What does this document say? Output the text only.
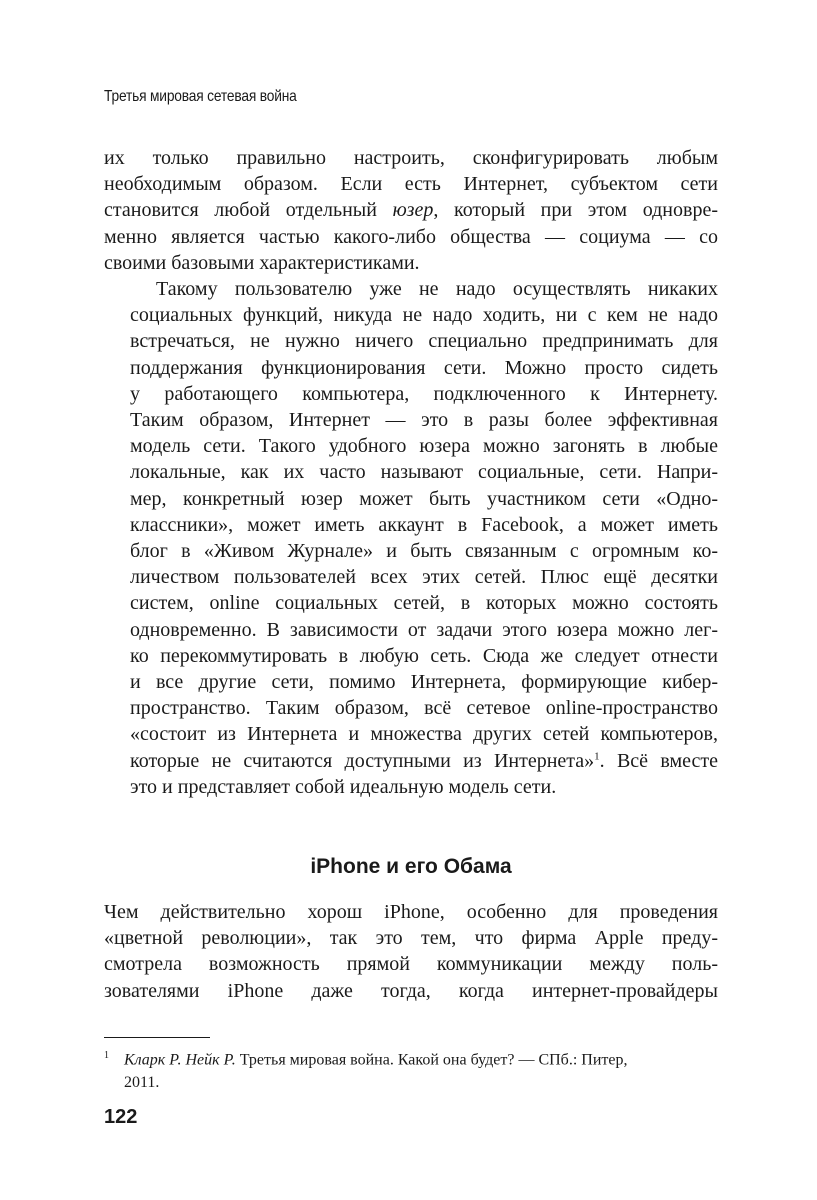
Третья мировая сетевая война

их только правильно настроить, сконфигурировать любым
необходимым образом. Если есть Интернет, субъектом сети
становится любой отдельный юзер, который при этом одновре-
менно является частью какого-либо общества — социума — со
своими базовыми характеристиками.

Такому пользователю уже не надо осуществлять никаких
социальных функций, никуда не надо ходить, ни с кем не надо
встречаться, не нужно ничего специально предпринимать для
поддержания функционирования сети. Можно просто сидеть
у работающего компьютера, подключенного к Интернету.
Таким образом, Интернет — это в разы более эффективная
модель сети. Такого удобного юзера можно загонять в любые
локальные, как их часто называют социальные, сети. Напри-
мер, конкретный юзер может быть участником сети «Одно-
классники», может иметь аккаунт в Facebook, а может иметь
блог в «Живом Журнале» и быть связанным с огромным ко-
личеством пользователей всех этих сетей. Плюс ещё десятки
систем, online социальных сетей, в которых можно состоять
одновременно. В зависимости от задачи этого юзера можно лег-
ко перекоммутировать в любую сеть. Сюда же следует отнести
и все другие сети, помимо Интернета, формирующие кибер-
пространство. Таким образом, всё сетевое online-пространство
«состоит из Интернета и множества других сетей компьютеров,
которые не считаются доступными из Интернета»$^1$. Всё вместе
это и представляет собой идеальную модель сети.

iPhone и его Обама

Чем действительно хорош iPhone, особенно для проведения
«цветной революции», так это тем, что фирма Apple преду-
смотрела возможность прямой коммуникации между поль-
зователями iPhone даже тогда, когда интернет-провайдеры

1 Кларк Р. Нейк Р. Третья мировая война. Какой она будет? — СПб.: Питер,
2011.
122
